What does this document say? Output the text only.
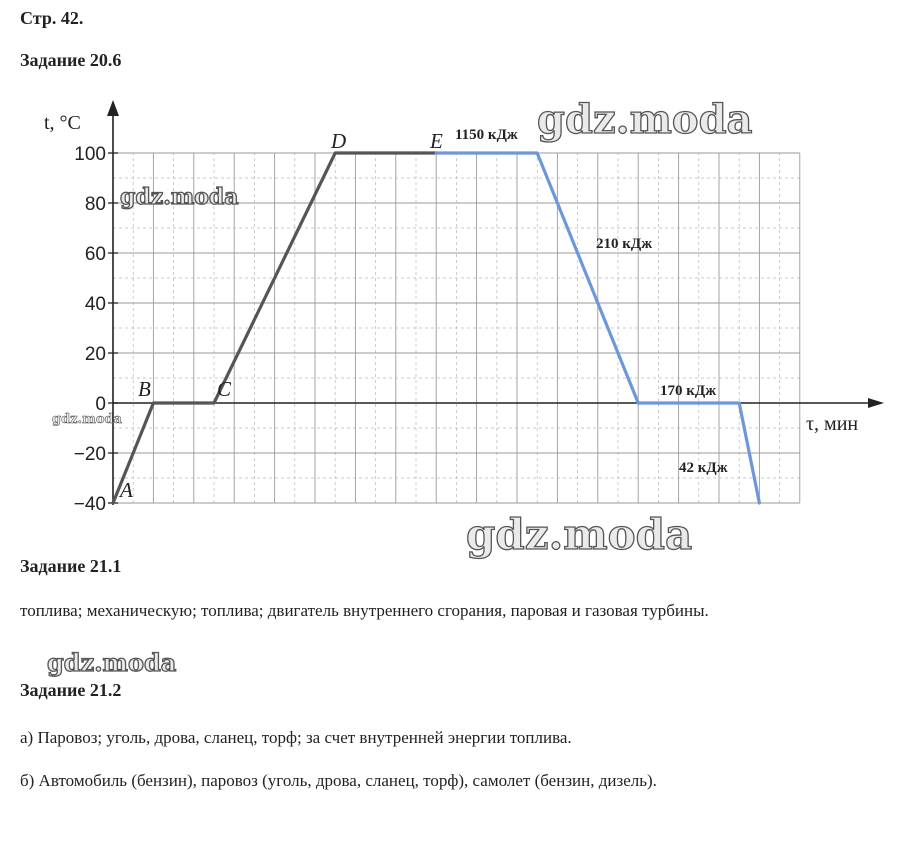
Стр. 42.
Задание 20.6
100
80
60
40
20
0
−20
−40
t, °C
τ, мин
A
B	C
D	E 1150 кДж
210 кДж
170 кДж
42 кДж
Задание 21.1
топлива; механическую; топлива; двигатель внутреннего сгорания, паровая и газовая турбины.
Задание 21.2
а) Паровоз; уголь, дрова, сланец, торф; за счет внутренней энергии топлива.
б) Автомобиль (бензин), паровоз (уголь, дрова, сланец, торф), самолет (бензин, дизель).
gdz.moda
gdz.moda
gdz.moda
gdz.moda
gdz.moda
